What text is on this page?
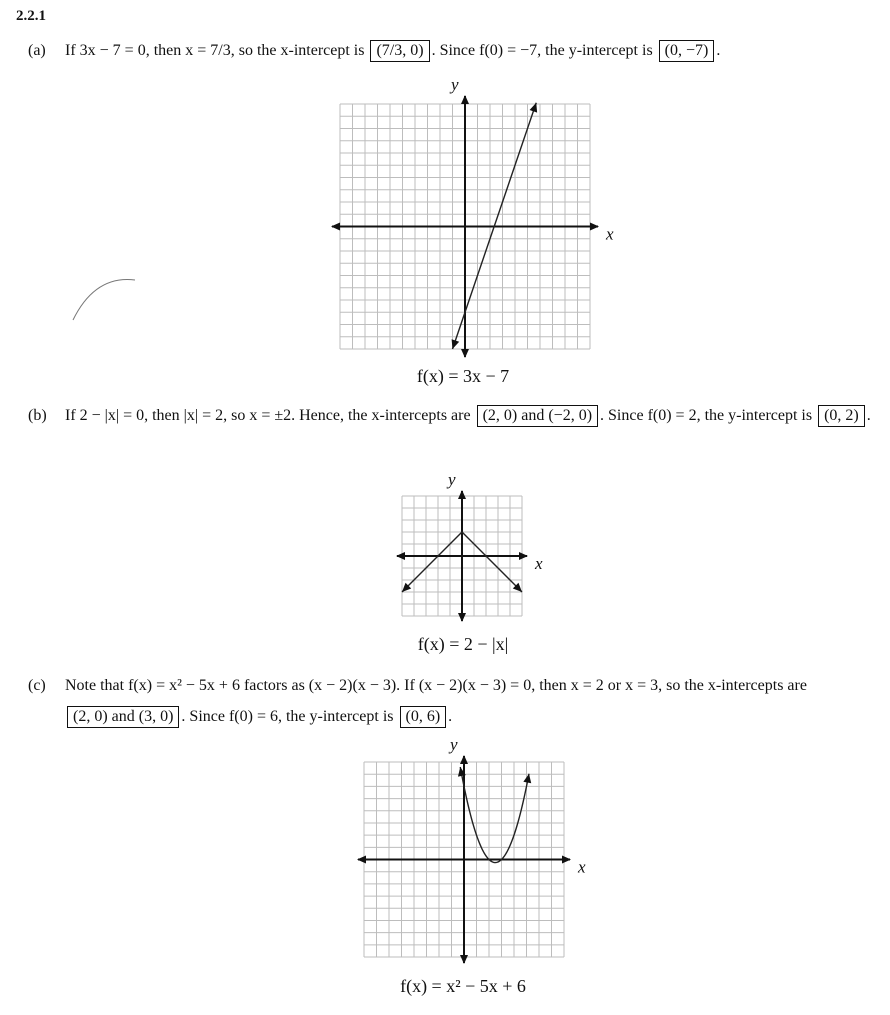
2.2.1
(a) If 3x − 7 = 0, then x = 7/3, so the x-intercept is (7/3, 0) . Since f(0) = −7, the y-intercept is (0, −7) .
x
y
f(x) = 3x − 7
(b) If 2 − |x| = 0, then |x| = 2, so x = ±2. Hence, the x-intercepts are (2, 0) and (−2, 0) . Since f(0) = 2, the y-intercept is (0, 2) .
x
y
f(x) = 2 − |x|
(c) Note that f(x) = x² − 5x + 6 factors as (x − 2)(x − 3). If (x − 2)(x − 3) = 0, then x = 2 or x = 3, so the x-intercepts are (2, 0) and (3, 0) . Since f(0) = 6, the y-intercept is (0, 6) .
x
y
f(x) = x² − 5x + 6
